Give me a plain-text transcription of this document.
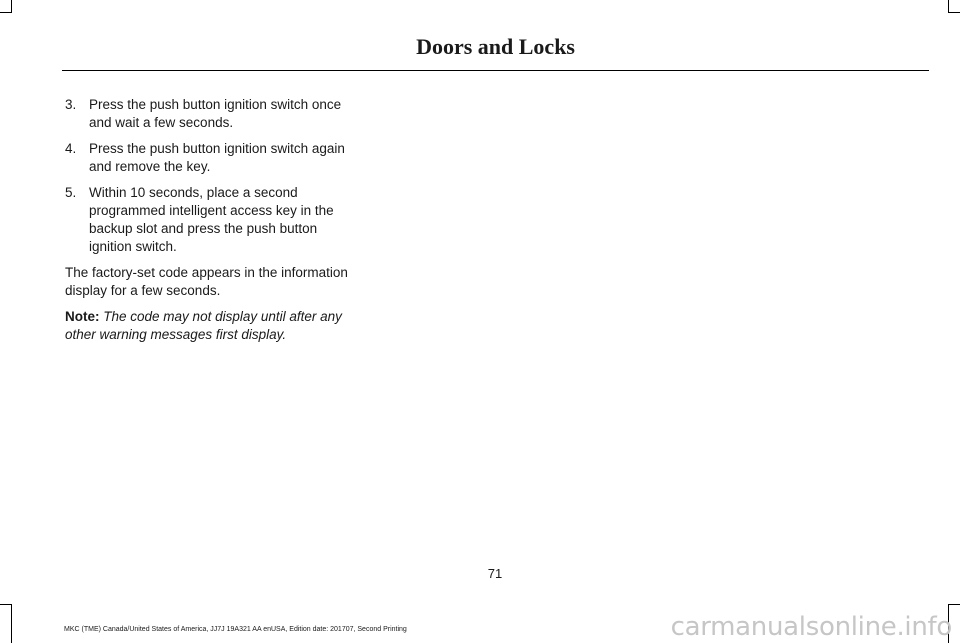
Doors and Locks
3. Press the push button ignition switch once and wait a few seconds.
4. Press the push button ignition switch again and remove the key.
5. Within 10 seconds, place a second programmed intelligent access key in the backup slot and press the push button ignition switch.

The factory-set code appears in the information display for a few seconds.

Note: The code may not display until after any other warning messages first display.

71
MKC (TME) Canada/United States of America, JJ7J 19A321 AA enUSA, Edition date: 201707, Second Printing	carmanualsonline.info
